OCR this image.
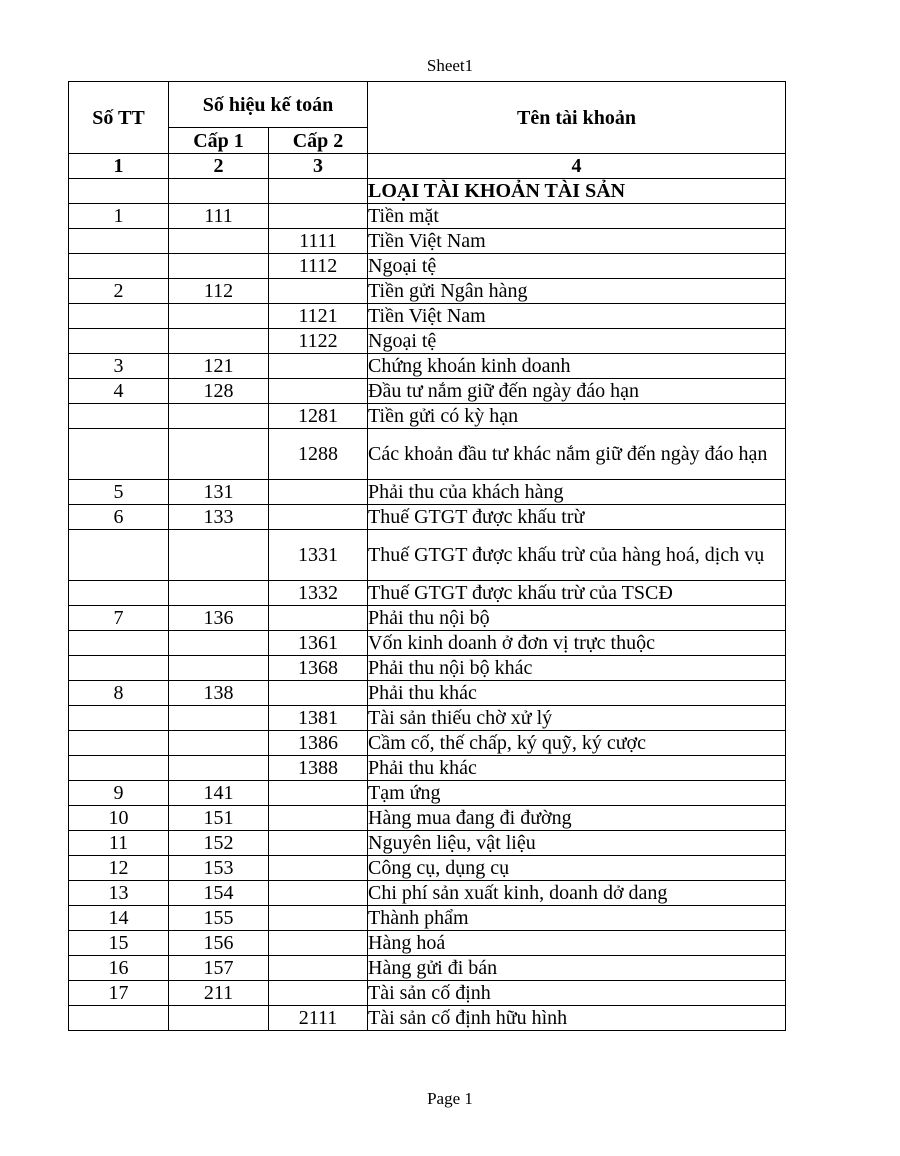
Sheet1
Số TT	Số hiệu kế toán		Tên tài khoản
	Cấp 1	Cấp 2	
1	2	3	4
			LOẠI TÀI KHOẢN TÀI SẢN
1	111		Tiền mặt
		1111	Tiền Việt Nam
		1112	Ngoại tệ
2	112		Tiền gửi Ngân hàng
		1121	Tiền Việt Nam
		1122	Ngoại tệ
3	121		Chứng khoán kinh doanh
4	128		Đầu tư nắm giữ đến ngày đáo hạn
		1281	Tiền gửi có kỳ hạn
		1288	Các khoản đầu tư khác nắm giữ đến ngày đáo hạn
5	131		Phải thu của khách hàng
6	133		Thuế GTGT được khấu trừ
		1331	Thuế GTGT được khấu trừ của hàng hoá, dịch vụ
		1332	Thuế GTGT được khấu trừ của TSCĐ
7	136		Phải thu nội bộ
		1361	Vốn kinh doanh ở đơn vị trực thuộc
		1368	Phải thu nội bộ khác
8	138		Phải thu khác
		1381	Tài sản thiếu chờ xử lý
		1386	Cầm cố, thế chấp, ký quỹ, ký cược
		1388	Phải thu khác
9	141		Tạm ứng
10	151		Hàng mua đang đi đường
11	152		Nguyên liệu, vật liệu
12	153		Công cụ, dụng cụ
13	154		Chi phí sản xuất kinh, doanh dở dang
14	155		Thành phẩm
15	156		Hàng hoá
16	157		Hàng gửi đi bán
17	211		Tài sản cố định
		2111	Tài sản cố định hữu hình
Page 1
